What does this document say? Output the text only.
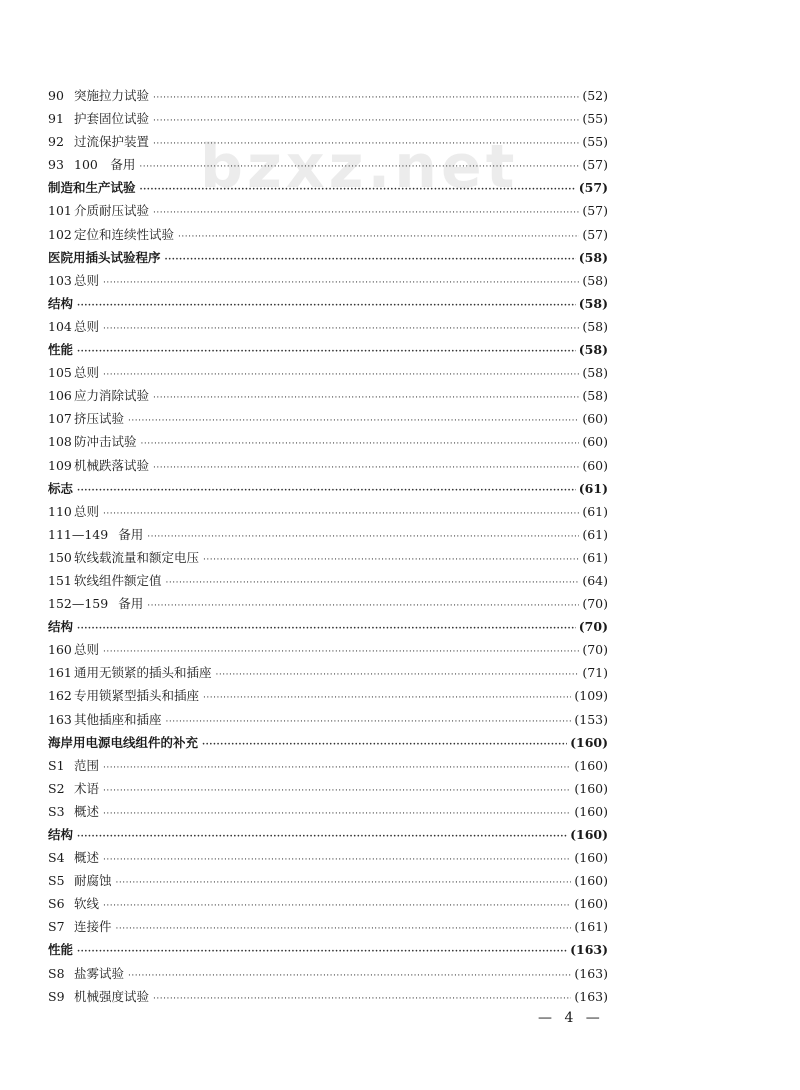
bzxz.net
90 突施拉力试验 ·····	(52)
91 护套固位试验 ·····	(55)
92 过流保护装置 ·····	(55)
93 100　备用 ·····	(57)
制造和生产试验 ·····	(57)
101 介质耐压试验 ·····	(57)
102 定位和连续性试验 ·····	(57)
医院用插头试验程序 ·····	(58)
103 总则 ·····	(58)
结构 ·····	(58)
104 总则 ·····	(58)
性能 ·····	(58)
105 总则 ·····	(58)
106 应力消除试验 ·····	(58)
107 挤压试验 ·····	(60)
108 防冲击试验 ·····	(60)
109 机械跌落试验 ·····	(60)
标志 ·····	(61)
110 总则 ·····	(61)
111—149 备用 ·····	(61)
150 软线载流量和额定电压 ·····	(61)
151 软线组件额定值 ·····	(64)
152—159 备用 ·····	(70)
结构 ·····	(70)
160 总则 ·····	(70)
161 通用无锁紧的插头和插座 ·····	(71)
162 专用锁紧型插头和插座 ·····	(109)
163 其他插座和插座 ·····	(153)
海岸用电源电线组件的补充 ·····	(160)
S1 范围 ·····	(160)
S2 术语 ·····	(160)
S3 概述 ·····	(160)
结构 ·····	(160)
S4 概述 ·····	(160)
S5 耐腐蚀 ·····	(160)
S6 软线 ·····	(160)
S7 连接件 ·····	(161)
性能 ·····	(163)
S8 盐雾试验 ·····	(163)
S9 机械强度试验 ·····	(163)
— 4 —
